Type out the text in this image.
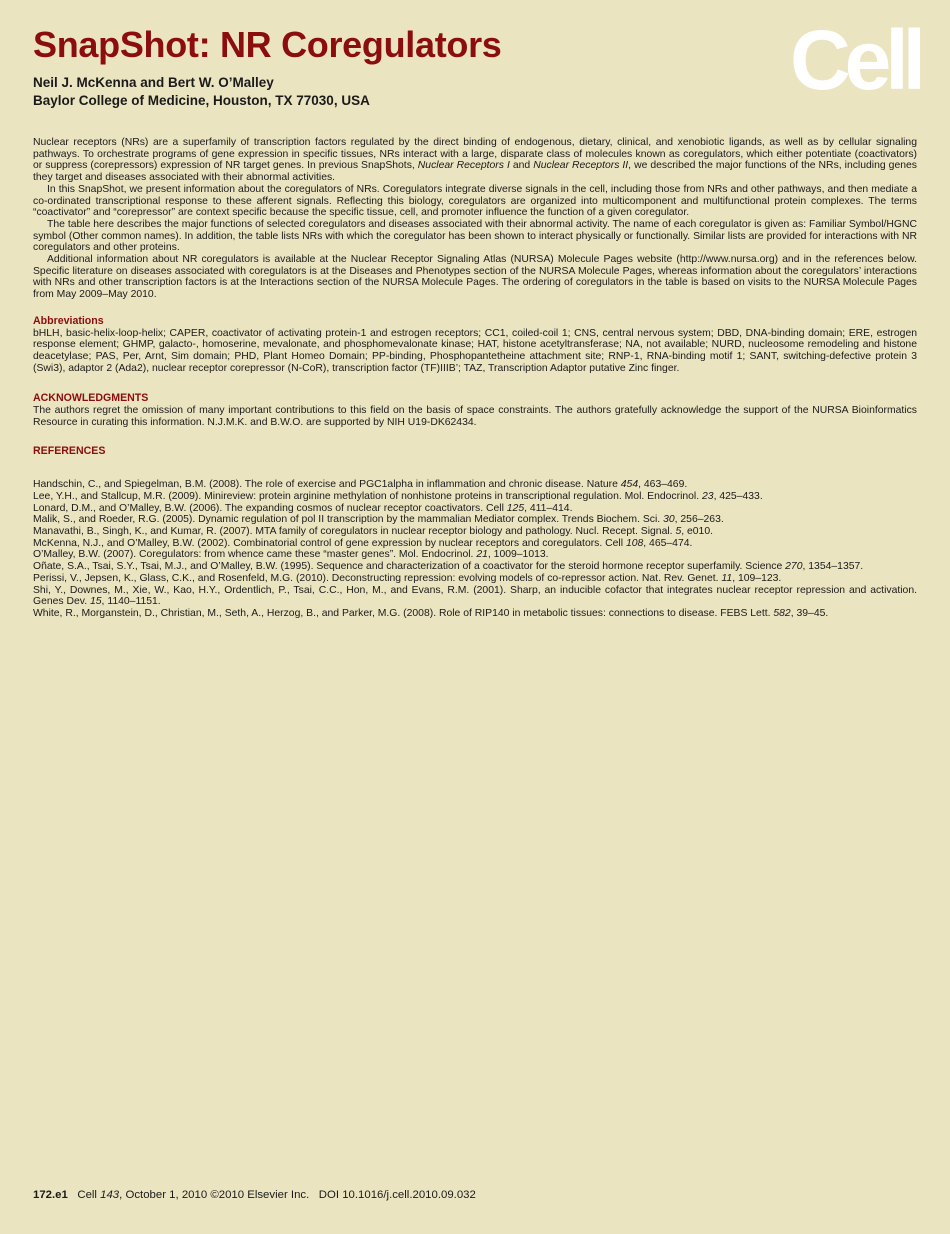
SnapShot: NR Coregulators
Neil J. McKenna and Bert W. O’Malley
Baylor College of Medicine, Houston, TX 77030, USA	Cell

Nuclear receptors (NRs) are a superfamily of transcription factors regulated by the direct binding of endogenous, dietary, clinical, and xenobiotic ligands, as well as by cellular signaling pathways. To orchestrate programs of gene expression in specific tissues, NRs interact with a large, disparate class of molecules known as coregulators, which either potentiate (coactivators) or suppress (corepressors) expression of NR target genes. In previous SnapShots, Nuclear Receptors I and Nuclear Receptors II, we described the major functions of the NRs, including genes they target and diseases associated with their abnormal activities.

In this SnapShot, we present information about the coregulators of NRs. Coregulators integrate diverse signals in the cell, including those from NRs and other pathways, and then mediate a co-ordinated transcriptional response to these afferent signals. Reflecting this biology, coregulators are organized into multicomponent and multifunctional protein complexes. The terms “coactivator” and “corepressor” are context specific because the specific tissue, cell, and promoter influence the function of a given coregulator.

The table here describes the major functions of selected coregulators and diseases associated with their abnormal activity. The name of each coregulator is given as: Familiar Symbol/HGNC symbol (Other common names). In addition, the table lists NRs with which the coregulator has been shown to interact physically or functionally. Similar lists are provided for interactions with NR coregulators and other proteins.

Additional information about NR coregulators is available at the Nuclear Receptor Signaling Atlas (NURSA) Molecule Pages website (http://www.nursa.org) and in the references below. Specific literature on diseases associated with coregulators is at the Diseases and Phenotypes section of the NURSA Molecule Pages, whereas information about the coregulators’ interactions with NRs and other transcription factors is at the Interactions section of the NURSA Molecule Pages. The ordering of coregulators in the table is based on visits to the NURSA Molecule Pages from May 2009–May 2010.

Abbreviations

bHLH, basic-helix-loop-helix; CAPER, coactivator of activating protein-1 and estrogen receptors; CC1, coiled-coil 1; CNS, central nervous system; DBD, DNA-binding domain; ERE, estrogen response element; GHMP, galacto-, homoserine, mevalonate, and phosphomevalonate kinase; HAT, histone acetyltransferase; NA, not available; NURD, nucleosome remodeling and histone deacetylase; PAS, Per, Arnt, Sim domain; PHD, Plant Homeo Domain; PP-binding, Phosphopantetheine attachment site; RNP-1, RNA-binding motif 1; SANT, switching-defective protein 3 (Swi3), adaptor 2 (Ada2), nuclear receptor corepressor (N-CoR), transcription factor (TF)IIIB’; TAZ, Transcription Adaptor putative Zinc finger.

ACKNOWLEDGMENTS

The authors regret the omission of many important contributions to this field on the basis of space constraints. The authors gratefully acknowledge the support of the NURSA Bioinformatics Resource in curating this information. N.J.M.K. and B.W.O. are supported by NIH U19-DK62434.

REFERENCES

Handschin, C., and Spiegelman, B.M. (2008). The role of exercise and PGC1alpha in inflammation and chronic disease. Nature 454, 463–469.

Lee, Y.H., and Stallcup, M.R. (2009). Minireview: protein arginine methylation of nonhistone proteins in transcriptional regulation. Mol. Endocrinol. 23, 425–433.

Lonard, D.M., and O’Malley, B.W. (2006). The expanding cosmos of nuclear receptor coactivators. Cell 125, 411–414.

Malik, S., and Roeder, R.G. (2005). Dynamic regulation of pol II transcription by the mammalian Mediator complex. Trends Biochem. Sci. 30, 256–263.

Manavathi, B., Singh, K., and Kumar, R. (2007). MTA family of coregulators in nuclear receptor biology and pathology. Nucl. Recept. Signal. 5, e010.

McKenna, N.J., and O’Malley, B.W. (2002). Combinatorial control of gene expression by nuclear receptors and coregulators. Cell 108, 465–474.

O’Malley, B.W. (2007). Coregulators: from whence came these “master genes”. Mol. Endocrinol. 21, 1009–1013.

Oñate, S.A., Tsai, S.Y., Tsai, M.J., and O’Malley, B.W. (1995). Sequence and characterization of a coactivator for the steroid hormone receptor superfamily. Science 270, 1354–1357.

Perissi, V., Jepsen, K., Glass, C.K., and Rosenfeld, M.G. (2010). Deconstructing repression: evolving models of co-repressor action. Nat. Rev. Genet. 11, 109–123.

Shi, Y., Downes, M., Xie, W., Kao, H.Y., Ordentlich, P., Tsai, C.C., Hon, M., and Evans, R.M. (2001). Sharp, an inducible cofactor that integrates nuclear receptor repression and activation. Genes Dev. 15, 1140–1151.

White, R., Morganstein, D., Christian, M., Seth, A., Herzog, B., and Parker, M.G. (2008). Role of RIP140 in metabolic tissues: connections to disease. FEBS Lett. 582, 39–45.

172.e1 Cell 143, October 1, 2010 ©2010 Elsevier Inc. DOI 10.1016/j.cell.2010.09.032
